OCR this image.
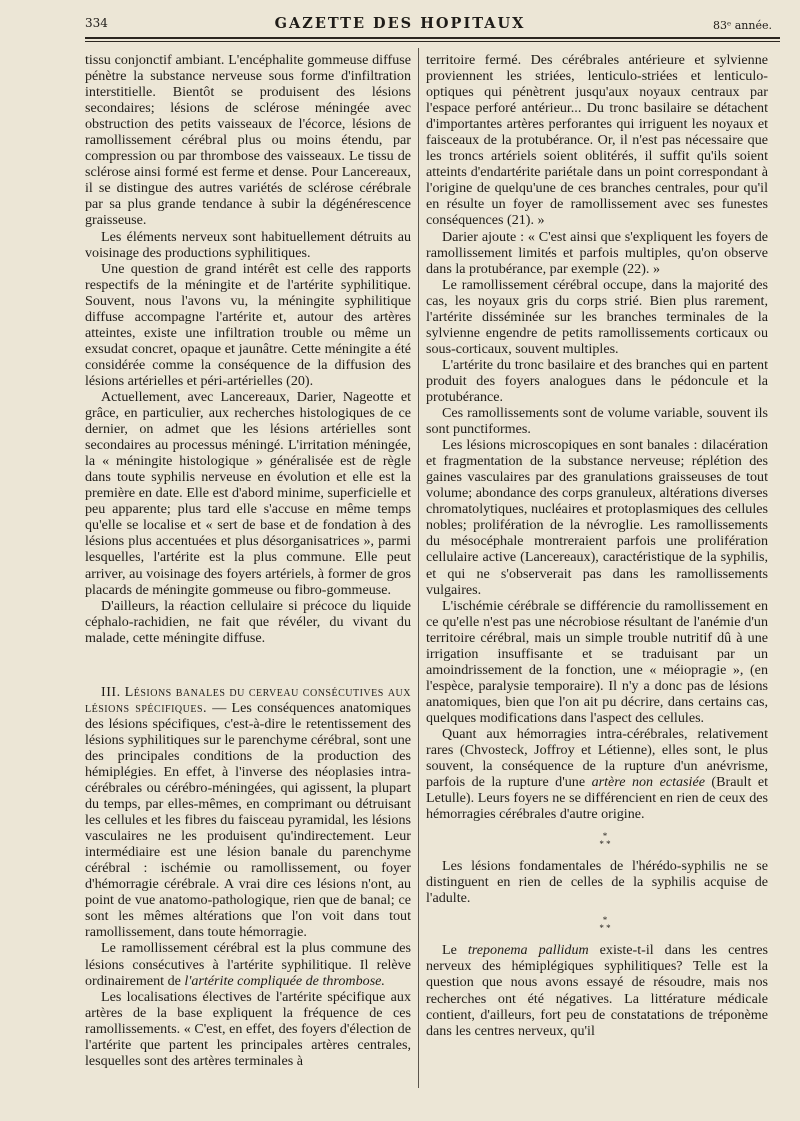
334	GAZETTE DES HOPITAUX	83ᵉ année.

tissu conjonctif ambiant. L'encéphalite gommeuse diffuse pénètre la substance nerveuse sous forme d'infiltration interstitielle. Bientôt se produisent des lésions secondaires; lésions de sclérose méningée avec obstruction des petits vaisseaux de l'écorce, lésions de ramollissement cérébral plus ou moins étendu, par compression ou par thrombose des vaisseaux. Le tissu de sclérose ainsi formé est ferme et dense. Pour Lancereaux, il se distingue des autres variétés de sclérose cérébrale par sa plus grande tendance à subir la dégénérescence graisseuse.

Les éléments nerveux sont habituellement détruits au voisinage des productions syphilitiques.

Une question de grand intérêt est celle des rapports respectifs de la méningite et de l'artérite syphilitique. Souvent, nous l'avons vu, la méningite syphilitique diffuse accompagne l'artérite et, autour des artères atteintes, existe une infiltration trouble ou même un exsudat concret, opaque et jaunâtre. Cette méningite a été considérée comme la conséquence de la diffusion des lésions artérielles et péri-artérielles (20).

Actuellement, avec Lancereaux, Darier, Nageotte et grâce, en particulier, aux recherches histologiques de ce dernier, on admet que les lésions artérielles sont secondaires au processus méningé. L'irritation méningée, la « méningite histologique » généralisée est de règle dans toute syphilis nerveuse en évolution et elle est la première en date. Elle est d'abord minime, superficielle et peu apparente; plus tard elle s'accuse en même temps qu'elle se localise et « sert de base et de fondation à des lésions plus accentuées et plus désorganisatrices », parmi lesquelles, l'artérite est la plus commune. Elle peut arriver, au voisinage des foyers artériels, à former de gros placards de méningite gommeuse ou fibro-gommeuse.

D'ailleurs, la réaction cellulaire si précoce du liquide céphalo-rachidien, ne fait que révéler, du vivant du malade, cette méningite diffuse.

III. Lésions banales du cerveau consécutives aux lésions spécifiques. — Les conséquences anatomiques des lésions spécifiques, c'est-à-dire le retentissement des lésions syphilitiques sur le parenchyme cérébral, sont une des principales conditions de la production des hémiplégies. En effet, à l'inverse des néoplasies intra-cérébrales ou cérébro-méningées, qui agissent, la plupart du temps, par elles-mêmes, en comprimant ou détruisant les cellules et les fibres du faisceau pyramidal, les lésions vasculaires ne les produisent qu'indirectement. Leur intermédiaire est une lésion banale du parenchyme cérébral : ischémie ou ramollissement, ou foyer d'hémorragie cérébrale. A vrai dire ces lésions n'ont, au point de vue anatomo-pathologique, rien que de banal; ce sont les mêmes altérations que l'on voit dans tout ramollissement, dans toute hémorragie.

Le ramollissement cérébral est la plus commune des lésions consécutives à l'artérite syphilitique. Il relève ordinairement de l'artérite compliquée de thrombose.

Les localisations électives de l'artérite spécifique aux artères de la base expliquent la fréquence de ces ramollissements. « C'est, en effet, des foyers d'élection de l'artérite que partent les principales artères centrales, lesquelles sont des artères terminales à

territoire fermé. Des cérébrales antérieure et sylvienne proviennent les striées, lenticulo-striées et lenticulo-optiques qui pénètrent jusqu'aux noyaux centraux par l'espace perforé antérieur... Du tronc basilaire se détachent d'importantes artères perforantes qui irriguent les noyaux et faisceaux de la protubérance. Or, il n'est pas nécessaire que les troncs artériels soient oblitérés, il suffit qu'ils soient atteints d'endartérite pariétale dans un point correspondant à l'origine de quelqu'une de ces branches centrales, pour qu'il en résulte un foyer de ramollissement avec ses funestes conséquences (21). »

Darier ajoute : « C'est ainsi que s'expliquent les foyers de ramollissement limités et parfois multiples, qu'on observe dans la protubérance, par exemple (22). »

Le ramollissement cérébral occupe, dans la majorité des cas, les noyaux gris du corps strié. Bien plus rarement, l'artérite disséminée sur les branches terminales de la sylvienne engendre de petits ramollissements corticaux ou sous-corticaux, souvent multiples.

L'artérite du tronc basilaire et des branches qui en partent produit des foyers analogues dans le pédoncule et la protubérance.

Ces ramollissements sont de volume variable, souvent ils sont punctiformes.

Les lésions microscopiques en sont banales : dilacération et fragmentation de la substance nerveuse; réplétion des gaines vasculaires par des granulations graisseuses de tout volume; abondance des corps granuleux, altérations diverses chromatolytiques, nucléaires et protoplasmiques des cellules nobles; prolifération de la névroglie. Les ramollissements du mésocéphale montreraient parfois une prolifération cellulaire active (Lancereaux), caractéristique de la syphilis, et qui ne s'observerait pas dans les ramollissements vulgaires.

L'ischémie cérébrale se différencie du ramollissement en ce qu'elle n'est pas une nécrobiose résultant de l'anémie d'un territoire cérébral, mais un simple trouble nutritif dû à une irrigation insuffisante et se traduisant par un amoindrissement de la fonction, une « méiopragie », (en l'espèce, paralysie temporaire). Il n'y a donc pas de lésions anatomiques, bien que l'on ait pu décrire, dans certains cas, quelques modifications dans l'aspect des cellules.

Quant aux hémorragies intra-cérébrales, relativement rares (Chvosteck, Joffroy et Létienne), elles sont, le plus souvent, la conséquence de la rupture d'un anévrisme, parfois de la rupture d'une artère non ectasiée (Brault et Letulle). Leurs foyers ne se différencient en rien de ceux des hémorragies cérébrales d'autre origine.

*

* *

Les lésions fondamentales de l'hérédo-syphilis ne se distinguent en rien de celles de la syphilis acquise de l'adulte.

*

* *

Le treponema pallidum existe-t-il dans les centres nerveux des hémiplégiques syphilitiques? Telle est la question que nous avons essayé de résoudre, mais nos recherches ont été négatives. La littérature médicale contient, d'ailleurs, fort peu de constatations de tréponème dans les centres nerveux, qu'il
